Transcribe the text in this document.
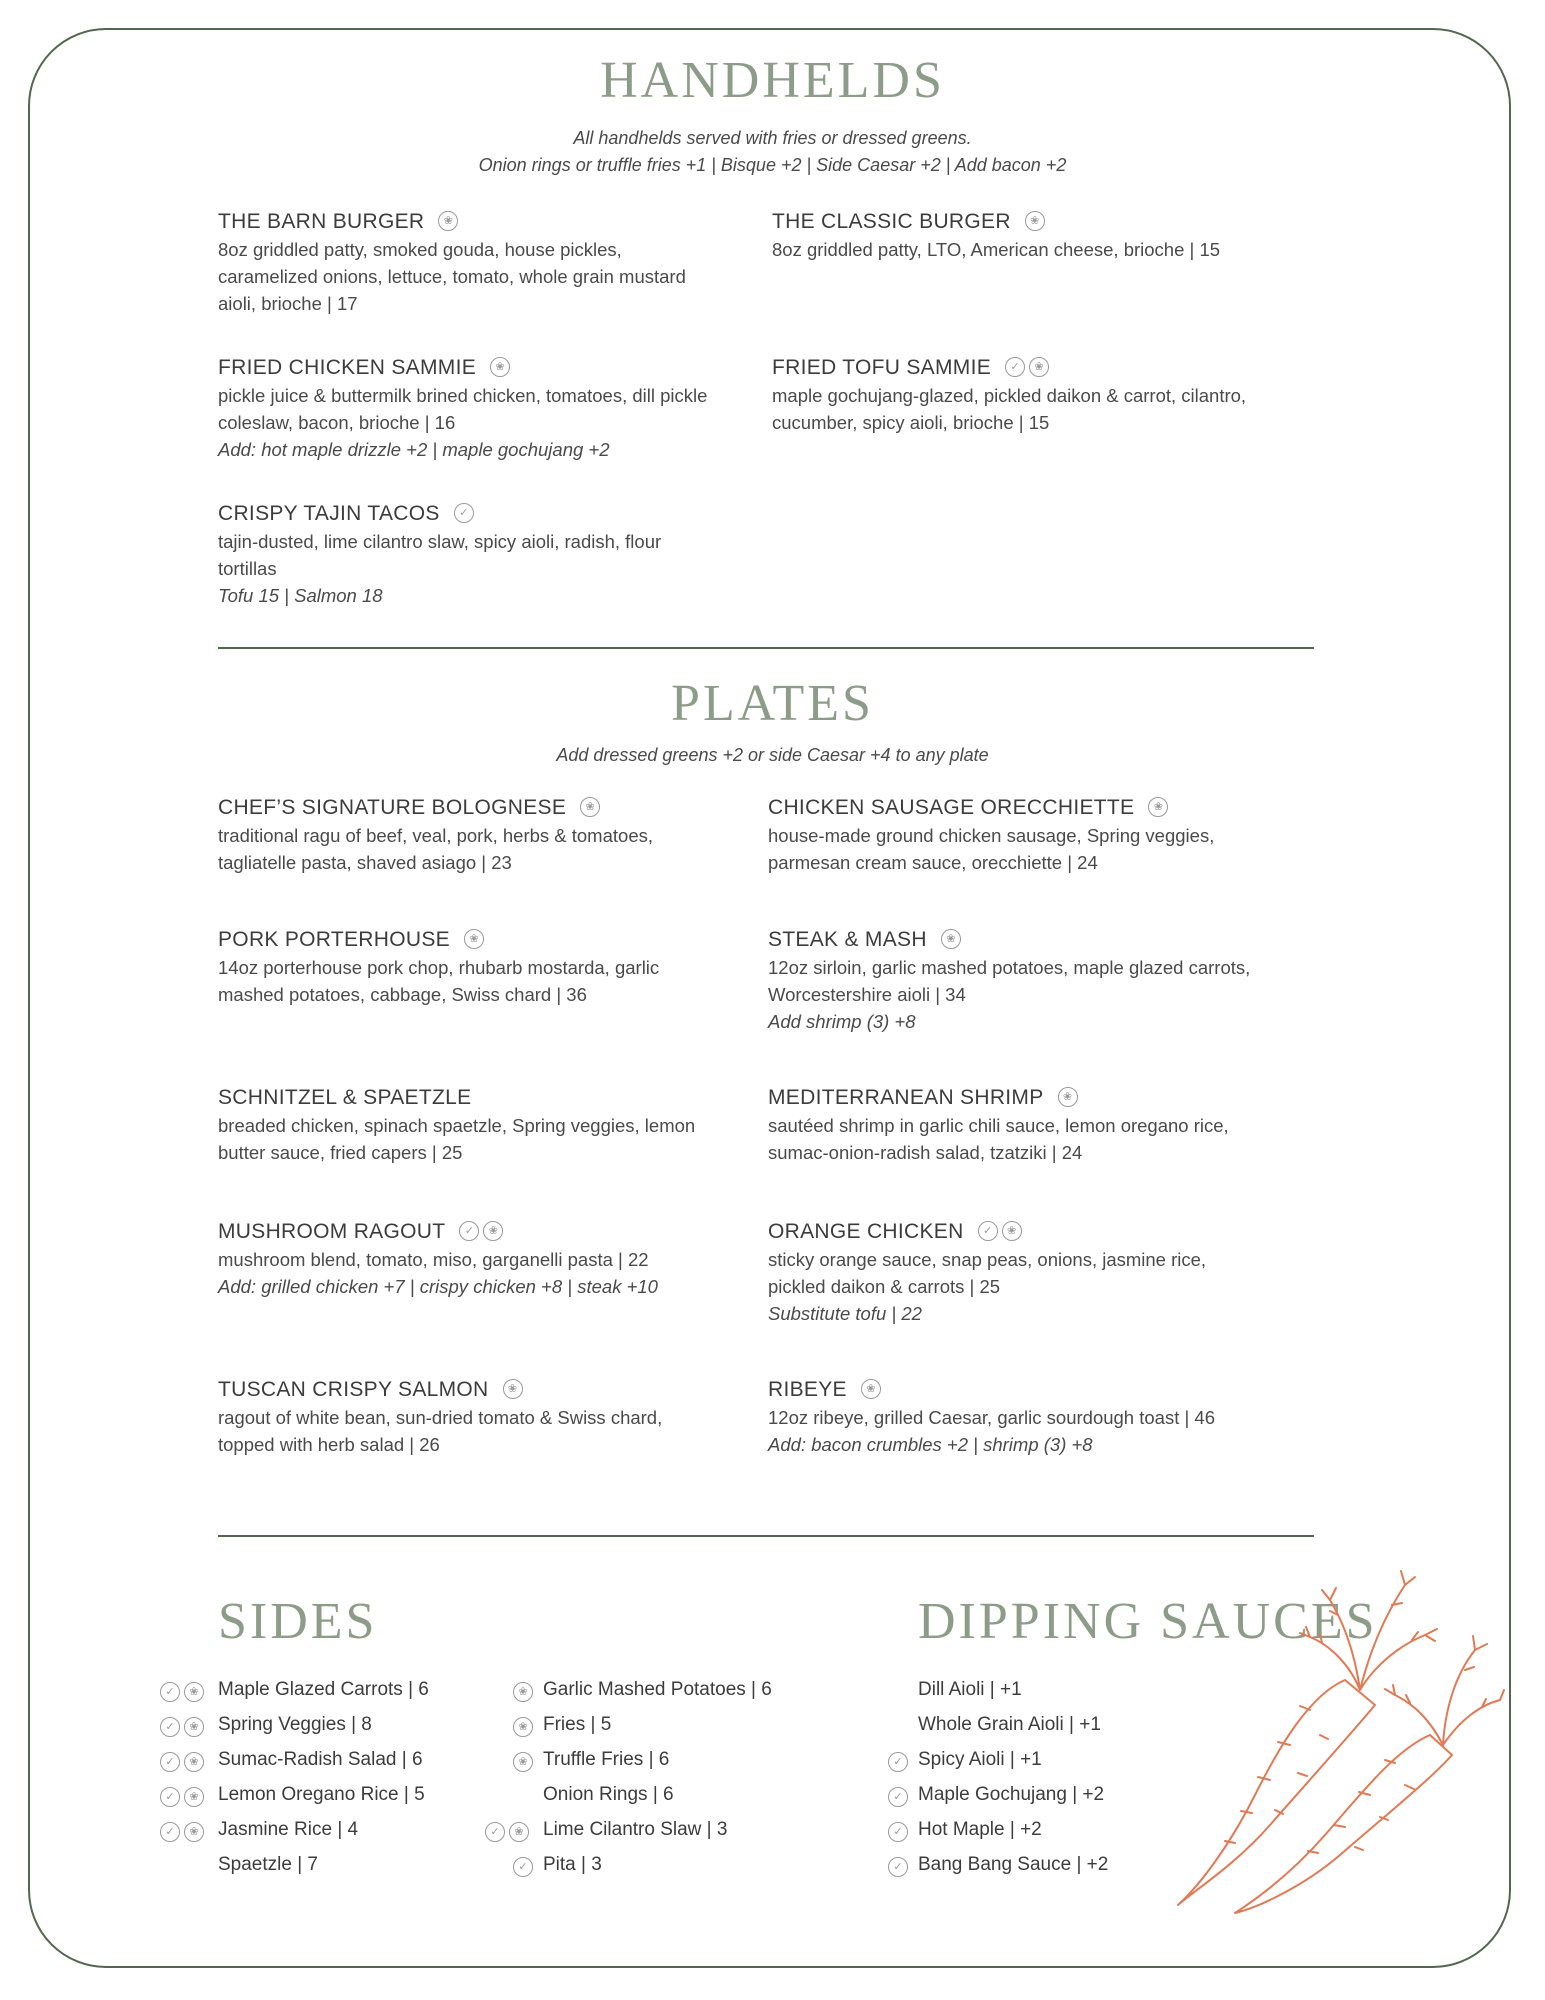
HANDHELDS
All handhelds served with fries or dressed greens.
Onion rings or truffle fries +1 | Bisque +2 | Side Caesar +2 | Add bacon +2
THE BARN BURGER ❀
8oz griddled patty, smoked gouda, house pickles, caramelized onions, lettuce, tomato, whole grain mustard aioli, brioche | 17
THE CLASSIC BURGER ❀
8oz griddled patty, LTO, American cheese, brioche | 15
FRIED CHICKEN SAMMIE ❀
pickle juice & buttermilk brined chicken, tomatoes, dill pickle coleslaw, bacon, brioche | 16
Add: hot maple drizzle +2 | maple gochujang +2
FRIED TOFU SAMMIE ✓ ❀
maple gochujang-glazed, pickled daikon & carrot, cilantro, cucumber, spicy aioli, brioche | 15
CRISPY TAJIN TACOS ✓
tajin-dusted, lime cilantro slaw, spicy aioli, radish, flour tortillas
Tofu 15 | Salmon 18
PLATES
Add dressed greens +2 or side Caesar +4 to any plate
CHEF’S SIGNATURE BOLOGNESE ❀
traditional ragu of beef, veal, pork, herbs & tomatoes, tagliatelle pasta, shaved asiago | 23
CHICKEN SAUSAGE ORECCHIETTE ❀
house-made ground chicken sausage, Spring veggies, parmesan cream sauce, orecchiette | 24
PORK PORTERHOUSE ❀
14oz porterhouse pork chop, rhubarb mostarda, garlic mashed potatoes, cabbage, Swiss chard | 36
STEAK & MASH ❀
12oz sirloin, garlic mashed potatoes, maple glazed carrots, Worcestershire aioli | 34
Add shrimp (3) +8
SCHNITZEL & SPAETZLE
breaded chicken, spinach spaetzle, Spring veggies, lemon butter sauce, fried capers | 25
MEDITERRANEAN SHRIMP ❀
sautéed shrimp in garlic chili sauce, lemon oregano rice, sumac-onion-radish salad, tzatziki | 24
MUSHROOM RAGOUT ✓ ❀
mushroom blend, tomato, miso, garganelli pasta | 22
Add: grilled chicken +7 | crispy chicken +8 | steak +10
ORANGE CHICKEN ✓ ❀
sticky orange sauce, snap peas, onions, jasmine rice, pickled daikon & carrots | 25
Substitute tofu | 22
TUSCAN CRISPY SALMON ❀
ragout of white bean, sun-dried tomato & Swiss chard, topped with herb salad | 26
RIBEYE ❀
12oz ribeye, grilled Caesar, garlic sourdough toast | 46
Add: bacon crumbles +2 | shrimp (3) +8
SIDES	DIPPING SAUCES
✓ ❀ Maple Glazed Carrots | 6
✓ ❀ Spring Veggies | 8
✓ ❀ Sumac-Radish Salad | 6
✓ ❀ Lemon Oregano Rice | 5
✓ ❀ Jasmine Rice | 4
Spaetzle | 7
❀ Garlic Mashed Potatoes | 6
❀ Fries | 5
❀ Truffle Fries | 6
Onion Rings | 6
✓ ❀ Lime Cilantro Slaw | 3
✓ Pita | 3
Dill Aioli | +1
Whole Grain Aioli | +1
✓ Spicy Aioli | +1
✓ Maple Gochujang | +2
✓ Hot Maple | +2
✓ Bang Bang Sauce | +2
